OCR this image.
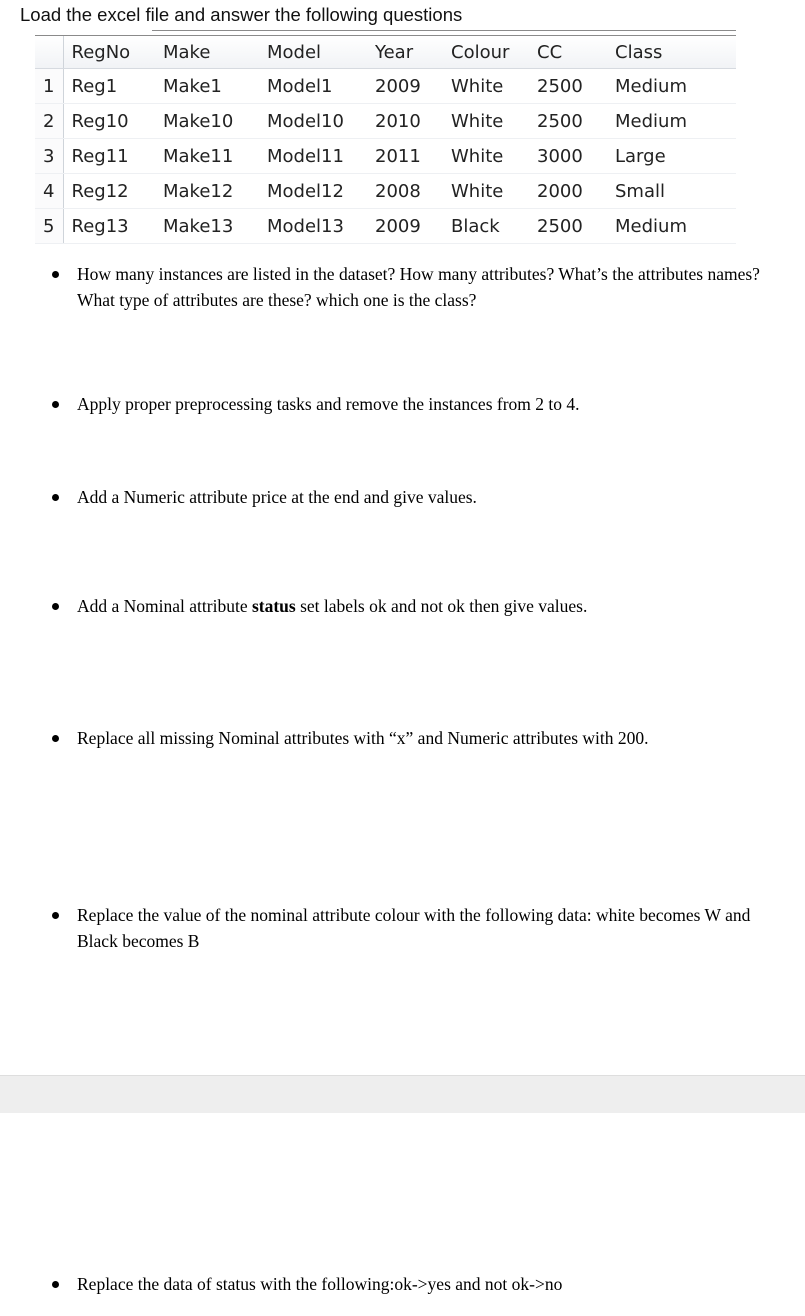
Load the excel file and answer the following questions
	RegNo	Make	Model	Year	Colour	CC	Class
1	Reg1	Make1	Model1	2009	White	2500	Medium
2	Reg10	Make10	Model10	2010	White	2500	Medium
3	Reg11	Make11	Model11	2011	White	3000	Large
4	Reg12	Make12	Model12	2008	White	2000	Small
5	Reg13	Make13	Model13	2009	Black	2500	Medium
How many instances are listed in the dataset? How many attributes? What’s the attributes names? What type of attributes are these? which one is the class?
Apply proper preprocessing tasks and remove the instances from 2 to 4.
Add a Numeric attribute price at the end and give values.
Add a Nominal attribute status set labels ok and not ok then give values.
Replace all missing Nominal attributes with “x” and Numeric attributes with 200.
Replace the value of the nominal attribute colour with the following data: white becomes W and Black becomes B
Replace the data of status with the following:ok->yes and not ok->no
